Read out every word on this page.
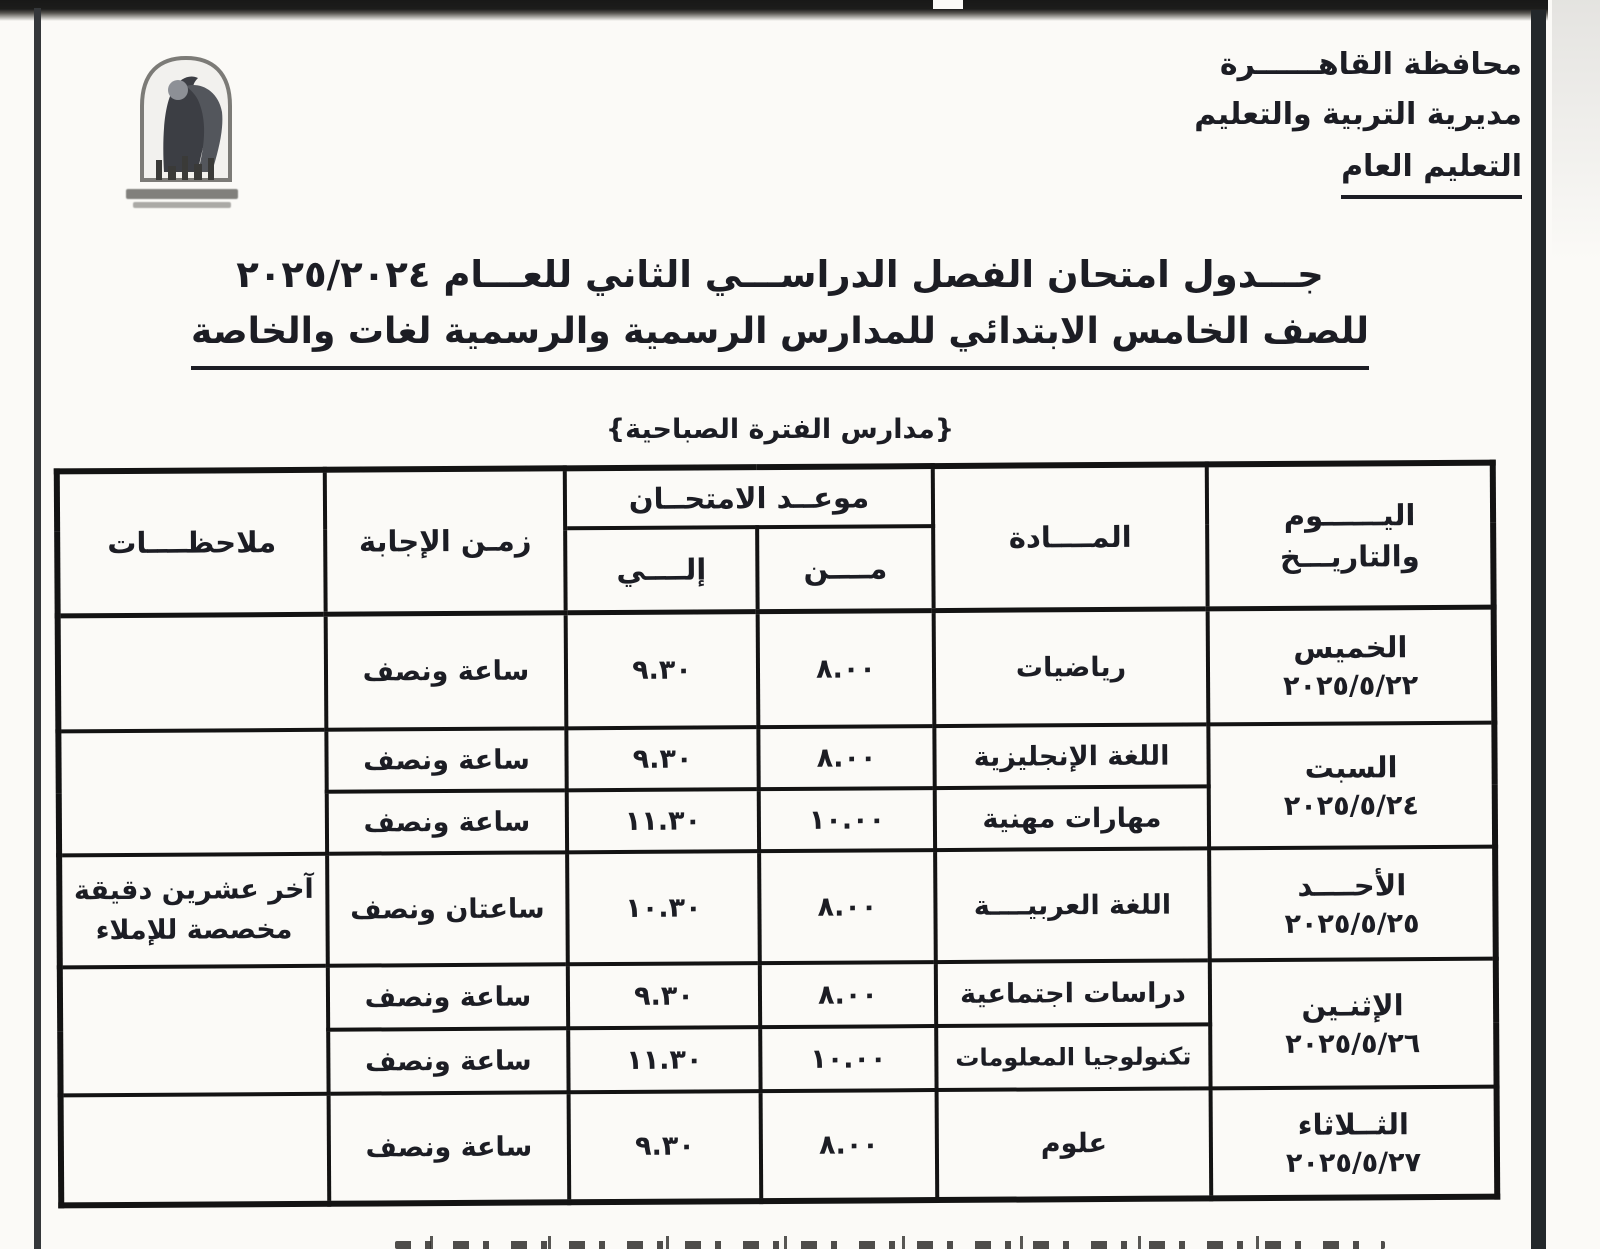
محافظة القاهــــــرة
مديرية التربية والتعليم
التعليم العام
جـــدول امتحان الفصل الدراســـي الثاني للعـــام ٢٠٢٥/٢٠٢٤
للصف الخامس الابتدائي للمدارس الرسمية والرسمية لغات والخاصة
{مدارس الفترة الصباحية}
اليــــــوم
والتاريـــخ	المــــادة	موعــد الامتحــان		زمـن الإجابة	ملاحظــــات
		مــــن	إلــــي		

الخميس
٢٠٢٥/٥/٢٢	رياضيات	٨.٠٠	٩.٣٠	ساعة ونصف	

السبت
٢٠٢٥/٥/٢٤	اللغة الإنجليزية	٨.٠٠	٩.٣٠	ساعة ونصف	
	مهارات مهنية	١٠.٠٠	١١.٣٠	ساعة ونصف	

الأحــــد
٢٠٢٥/٥/٢٥	اللغة العربيــــة	٨.٠٠	١٠.٣٠	ساعتان ونصف	آخر عشرين دقيقة مخصصة للإملاء

الإثنـين
٢٠٢٥/٥/٢٦	دراسات اجتماعية	٨.٠٠	٩.٣٠	ساعة ونصف	
	تكنولوجيا المعلومات	١٠.٠٠	١١.٣٠	ساعة ونصف	

الثــلاثاء
٢٠٢٥/٥/٢٧	علوم	٨.٠٠	٩.٣٠	ساعة ونصف	
